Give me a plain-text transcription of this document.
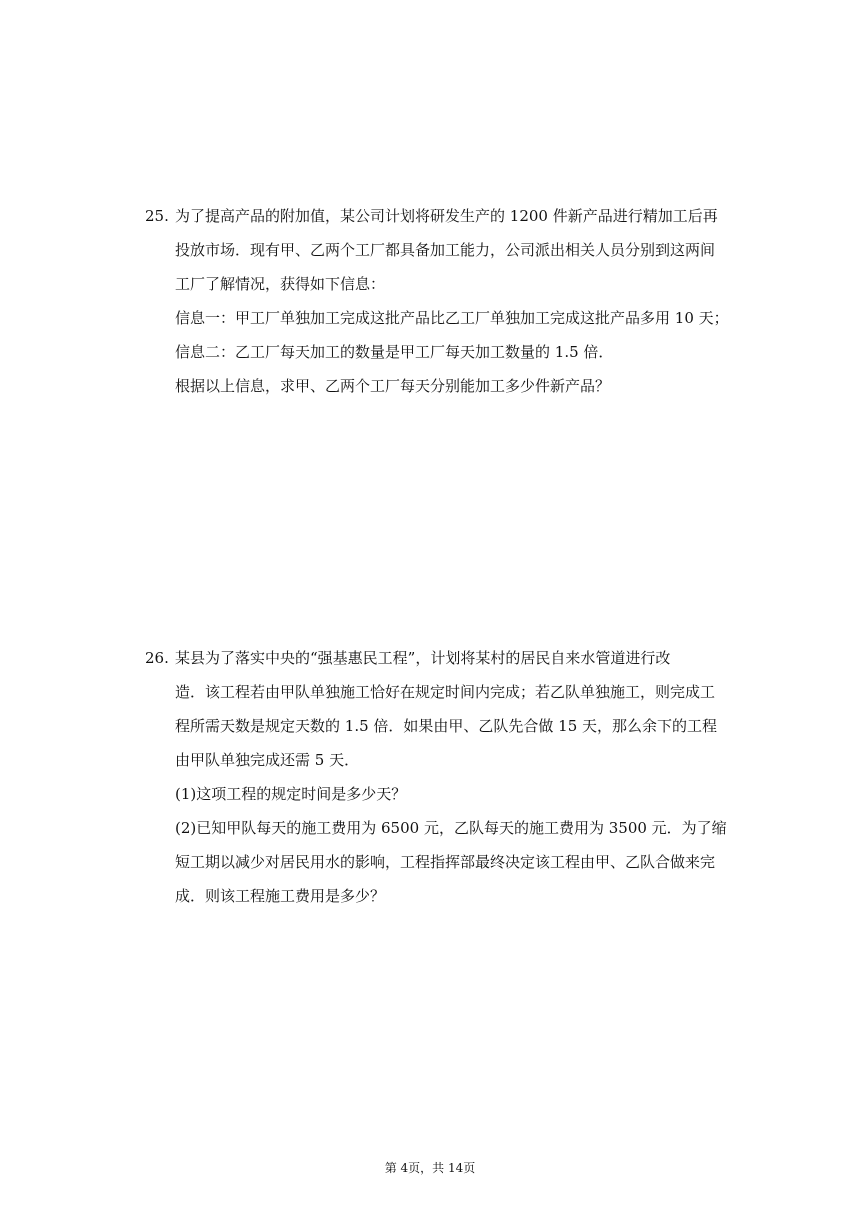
25. 为了提高产品的附加值，某公司计划将研发生产的 1200 件新产品进行精加工后再
投放市场．现有甲、乙两个工厂都具备加工能力，公司派出相关人员分别到这两间
工厂了解情况，获得如下信息：
信息一：甲工厂单独加工完成这批产品比乙工厂单独加工完成这批产品多用 10 天；
信息二：乙工厂每天加工的数量是甲工厂每天加工数量的 1.5 倍．
根据以上信息，求甲、乙两个工厂每天分别能加工多少件新产品？
26. 某县为了落实中央的“强基惠民工程”，计划将某村的居民自来水管道进行改
造．该工程若由甲队单独施工恰好在规定时间内完成；若乙队单独施工，则完成工
程所需天数是规定天数的 1.5 倍．如果由甲、乙队先合做 15 天，那么余下的工程
由甲队单独完成还需 5 天．
(1)这项工程的规定时间是多少天？
(2)已知甲队每天的施工费用为 6500 元，乙队每天的施工费用为 3500 元．为了缩
短工期以减少对居民用水的影响，工程指挥部最终决定该工程由甲、乙队合做来完
成．则该工程施工费用是多少？
第 4页，共 14页
